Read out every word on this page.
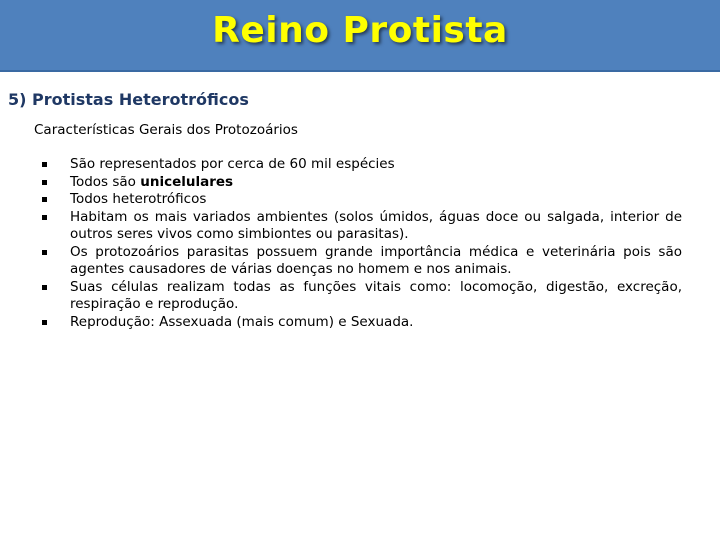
Reino Protista
5) Protistas Heterotróficos
Características Gerais dos Protozoários
São representados por cerca de 60 mil espécies
Todos são unicelulares
Todos heterotróficos
Habitam os mais variados ambientes (solos úmidos, águas doce ou salgada, interior de outros seres vivos como simbiontes ou parasitas).
Os protozoários parasitas possuem grande importância médica e veterinária pois são agentes causadores de várias doenças no homem e nos animais.
Suas células realizam todas as funções vitais como: locomoção, digestão, excreção, respiração e reprodução.
Reprodução: Assexuada (mais comum) e Sexuada.
